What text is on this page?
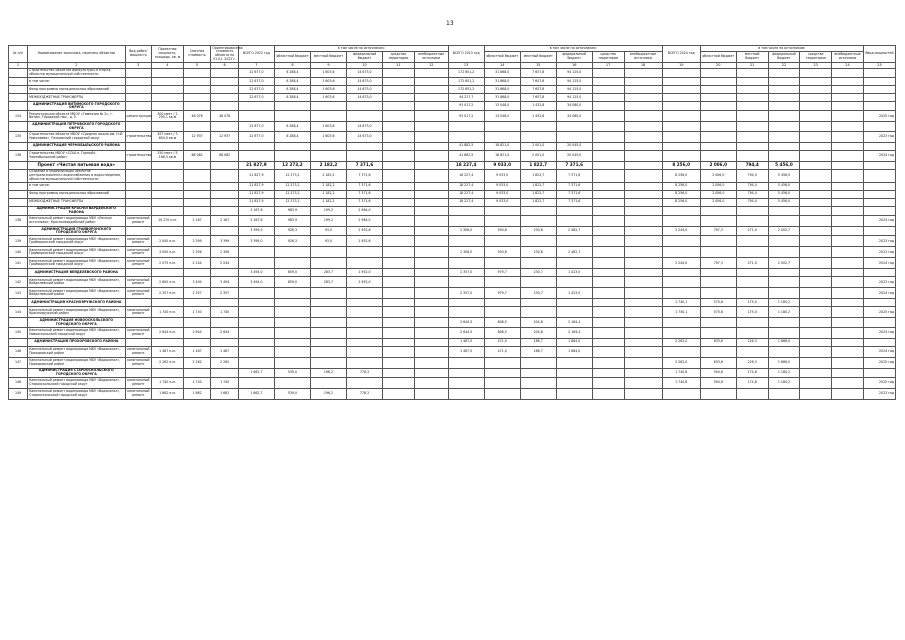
13
№ п/п	Наименование заказчика, перечень объектов	Вид работ/ мощность	Проектная мощность, площадь, кв. м	Сметная стоимость	Ориентировочная стоимость объекта на 01.01. 2022 г.	ВСЕГО 2022 год	в том числе по источникам:					ВСЕГО 2023 год	в том числе по источникам:					ВСЕГО 2024 год	в том числе по источникам:					Ввод мощностей
							областной бюджет	местный бюджет	федеральный бюджет	средства территории	внебюджетные источники		областной бюджет	местный бюджет	федеральный бюджет	средства территории	внебюджетные источники		областной бюджет	местный бюджет	федеральный бюджет	средства территории	внебюджетные источники	
1	2	3	4	5	6	7	8	9	10	11	12	13	14	15	16	17	18	19	20	21	22	23	24	25
	Строительство объектов физкультуры и спорта, объектов муниципальной собственности					22 677,0	6 288,4	1 603,6	14 673,0			172 651,2	31 868,0	7 657,8	94 125,0									
	в том числе:					22 677,0	6 288,4	1 603,6	14 673,0			172 651,2	31 868,0	7 657,8	94 125,0									
	Фонд программы муниципальных образований					22 677,0	6 288,4	1 603,6	14 673,0			172 651,2	31 868,0	7 657,8	94 125,0									
	МЕЖБЮДЖЕТНЫЕ ТРАНСФЕРТЫ					22 677,0	6 288,4	1 603,6	14 673,0			44 217,7	31 868,0	7 657,8	94 125,0									
	АДМИНИСТРАЦИЯ ВИТИМСКОГО ГОРОДСКОГО ОКРУГА											93 017,2	13 048,0	1 432,8	34 080,0									
134	Реконструкция объекта МБОУ «Гимназия № 2», г. Витим, Городской пер., д. 5	реконструкция	300 мест / 2 295,1 кв.м	48 076	48 076							93 017,2	13 048,0	1 432,8	34 080,0									2025 год
	АДМИНИСТРАЦИЯ ПЕТРОВСКОГО ГОРОДСКОГО ОКРУГА					22 677,0	6 288,4	1 603,6	14 673,0															
135	Строительство объекта МБОУ «Средняя школа им. Н.И. Николаева», Петровский городской округ	строительство	457 мест / 3 604,5 кв.м	12 937	12 937	22 677,0	6 288,4	1 603,6	14 673,0															2023 год
	АДМИНИСТРАЦИЯ ЧЕРНОБЫЛЬСКОГО РАЙОНА											41 882,5	18 821,0	2 001,0	20 045,0									
136	Строительство МБОУ «СОШ п. Горный», Чернобыльский район	строительство	250 мест / 5 168,5 кв.м	68 082	68 082							41 882,5	18 821,0	2 001,0	20 045,0									2024 год
	Проект «Чистая питьевая вода»					21 827,9	12 273,2	2 182,2	7 371,6			18 227,4	9 033,0	1 822,7	7 371,6			8 256,0	2 006,0	794,4	5 456,0			
	Создание и модернизация объектов централизованного водоснабжения и водоотведения, объектов муниципальной собственности					21 827,9	12 273,2	2 182,2	7 371,6			18 227,4	9 033,0	1 822,7	7 371,6			8 256,0	2 006,0	794,4	5 456,0			
	в том числе:					21 827,9	12 273,2	2 182,2	7 371,6			18 227,4	9 033,0	1 822,7	7 371,6			8 256,0	2 006,0	794,4	5 456,0			
	Фонд программы муниципальных образований					21 827,9	12 273,2	2 182,2	7 371,6			18 227,4	9 033,0	1 822,7	7 371,6			8 256,0	2 006,0	794,4	5 456,0			
	МЕЖБЮДЖЕТНЫЕ ТРАНСФЕРТЫ					21 827,9	12 273,2	2 182,2	7 371,6			18 227,4	9 033,0	1 822,7	7 371,6			8 256,0	2 006,0	794,4	5 456,0			
	АДМИНИСТРАЦИЯ КРАСНОГВАРДЕЙСКОГО РАЙОНА					2 167,6	983,9	199,2	2 984,0															
138	Капитальный ремонт водопровода МБУ «Лесные источники», Красногвардейский район	капитальный ремонт	10 270 п.м.	2 167	2 167	2 167,6	983,9	199,2	2 984,0															2024 год
	АДМИНИСТРАЦИЯ ГРАЙВОРОНСКОГО ГОРОДСКОГО ОКРУГА					3 399,0	926,3	93,0	1 952,6			2 306,0	930,8	230,6	2 482,7			2 244,0	797,3	271,0	2 002,7			
139	Капитальный ремонт водопровода МБУ «Водоканал», Грайворонский городской округ	капитальный ремонт	2 000 п.м.	3 399	3 399	3 399,0	926,3	93,0	1 952,6															2023 год
140	Капитальный ремонт водопровода МБУ «Водоканал», Грайворонский городской округ	капитальный ремонт	3 000 п.м.	2 306	2 306							2 306,0	930,8	230,6	2 482,7									2023 год
141	Капитальный ремонт водопровода МБУ «Водоканал», Грайворонский городской округ	капитальный ремонт	2 075 п.м.	2 244	2 244													2 244,0	797,3	271,0	2 002,7			2024 год
	АДМИНИСТРАЦИЯ ВЕЙДЕЛЕВСКОГО РАЙОНА					3 494,0	859,0	283,7	1 952,0			2 357,0	979,7	230,7	1 423,0									
142	Капитальный ремонт водопровода МБУ «Водоканал», Вейделевский район	капитальный ремонт	2 800 п.м.	3 494	3 494	3 494,0	859,0	283,7	1 952,0															2023 год
143	Капитальный ремонт водопровода МБУ «Водоканал», Вейделевский район	капитальный ремонт	2 357 п.м.	2 357	2 357							2 357,0	979,7	230,7	1 423,0									2024 год
	АДМИНИСТРАЦИЯ КРАСНОЯРУЖСКОГО РАЙОНА																	1 740,1	570,8	175,0	1 180,2			
144	Капитальный ремонт водопровода МБУ «Водоканал», Краснояружский район	капитальный ремонт	1 740 п.м.	1 740	1 740													1 740,1	570,8	175,0	1 180,2			2025 год
	АДМИНИСТРАЦИЯ НОВООСКОЛЬСКОГО ГОРОДСКОГО ОКРУГА											2 644,5	808,5	204,8	2 164,4									
145	Капитальный ремонт водопровода МБУ «Водоканал», Новооскольский городской округ	капитальный ремонт	2 644 п.м.	2 644	2 644							2 644,5	808,5	204,8	2 164,4									2024 год
	АДМИНИСТРАЦИЯ ПРОХОРОВСКОГО РАЙОНА											1 487,0	471,0	186,7	1 884,0			2 262,0	633,6	226,3	1 866,0			
146	Капитальный ремонт водопровода МБУ «Водоканал», Прохоровский район	капитальный ремонт	1 487 п.м.	1 487	1 487							1 487,0	471,0	186,7	1 884,0									2024 год
147	Капитальный ремонт водопровода МБУ «Водоканал», Прохоровский район	капитальный ремонт	2 262 п.м.	2 262	2 262													2 262,0	633,6	226,3	1 866,0			2025 год
	АДМИНИСТРАЦИЯ СТАРООСКОЛЬСКОГО ГОРОДСКОГО ОКРУГА					1 662,7	539,0	196,2	778,3									1 740,8	594,8	174,8	1 180,2			
148	Капитальный ремонт водопровода МБУ «Водоканал», Старооскольский городской округ	капитальный ремонт	1 740 п.м.	1 740	1 740													1 740,8	594,8	174,8	1 180,2			2025 год
149	Капитальный ремонт водопровода МБУ «Водоканал», Старооскольский городской округ	капитальный ремонт	1 662 п.м.	1 662	1 662	1 662,7	539,0	196,2	778,3															2023 год
